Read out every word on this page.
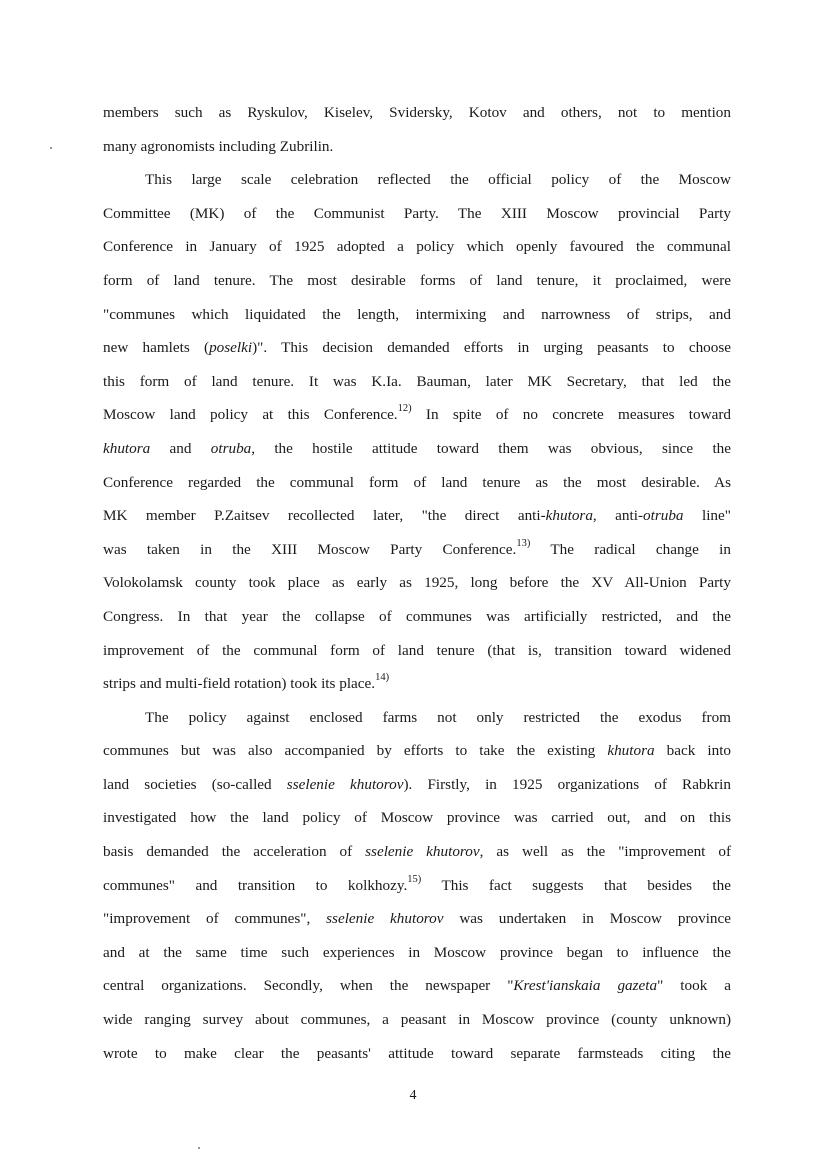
members such as Ryskulov, Kiselev, Svidersky, Kotov and others, not to mention
many agronomists including Zubrilin.
This large scale celebration reflected the official policy of the Moscow
Committee (MK) of the Communist Party. The XIII Moscow provincial Party
Conference in January of 1925 adopted a policy which openly favoured the communal
form of land tenure. The most desirable forms of land tenure, it proclaimed, were
"communes which liquidated the length, intermixing and narrowness of strips, and
new hamlets (poselki)". This decision demanded efforts in urging peasants to choose
this form of land tenure. It was K.Ia. Bauman, later MK Secretary, that led the
Moscow land policy at this Conference.$^{12)}$ In spite of no concrete measures toward
khutora and otruba, the hostile attitude toward them was obvious, since the
Conference regarded the communal form of land tenure as the most desirable. As
MK member P.Zaitsev recollected later, "the direct anti-khutora, anti-otruba line"
was taken in the XIII Moscow Party Conference.$^{13)}$ The radical change in
Volokolamsk county took place as early as 1925, long before the XV All-Union Party
Congress. In that year the collapse of communes was artificially restricted, and the
improvement of the communal form of land tenure (that is, transition toward widened
strips and multi-field rotation) took its place.$^{14)}$
The policy against enclosed farms not only restricted the exodus from
communes but was also accompanied by efforts to take the existing khutora back into
land societies (so-called sselenie khutorov). Firstly, in 1925 organizations of Rabkrin
investigated how the land policy of Moscow province was carried out, and on this
basis demanded the acceleration of sselenie khutorov, as well as the "improvement of
communes" and transition to kolkhozy.$^{15)}$ This fact suggests that besides the
"improvement of communes", sselenie khutorov was undertaken in Moscow province
and at the same time such experiences in Moscow province began to influence the
central organizations. Secondly, when the newspaper "Krest'ianskaia gazeta" took a
wide ranging survey about communes, a peasant in Moscow province (county unknown)
wrote to make clear the peasants' attitude toward separate farmsteads citing the
4
